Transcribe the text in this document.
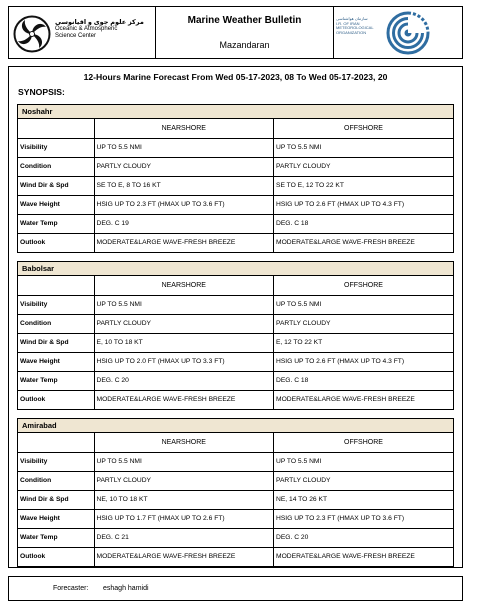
مرکز علوم جوی و اقیانوسی
Oceanic & Atmospheric
Science Center
Marine Weather Bulletin
Mazandaran
سازمان هواشناسی
I.R. OF IRAN
METEOROLOGICAL
ORGANIZATION
12-Hours Marine Forecast From Wed 05-17-2023, 08 To Wed 05-17-2023, 20
SYNOPSIS:
Noshahr
	NEARSHORE	OFFSHORE
Visibility	UP TO 5.5 NMI	UP TO 5.5 NMI
Condition	PARTLY CLOUDY	PARTLY CLOUDY
Wind Dir & Spd	SE TO E, 8 TO 16 KT	SE TO E, 12 TO 22 KT
Wave Height	HSIG UP TO 2.3 FT (HMAX UP TO 3.6 FT)	HSIG UP TO 2.6 FT (HMAX UP TO 4.3 FT)
Water Temp	DEG. C 19	DEG. C 18
Outlook	MODERATE&LARGE WAVE-FRESH BREEZE	MODERATE&LARGE WAVE-FRESH BREEZE
Babolsar
	NEARSHORE	OFFSHORE
Visibility	UP TO 5.5 NMI	UP TO 5.5 NMI
Condition	PARTLY CLOUDY	PARTLY CLOUDY
Wind Dir & Spd	E, 10 TO 18 KT	E, 12 TO 22 KT
Wave Height	HSIG UP TO 2.0 FT (HMAX UP TO 3.3 FT)	HSIG UP TO 2.6 FT (HMAX UP TO 4.3 FT)
Water Temp	DEG. C 20	DEG. C 18
Outlook	MODERATE&LARGE WAVE-FRESH BREEZE	MODERATE&LARGE WAVE-FRESH BREEZE
Amirabad
	NEARSHORE	OFFSHORE
Visibility	UP TO 5.5 NMI	UP TO 5.5 NMI
Condition	PARTLY CLOUDY	PARTLY CLOUDY
Wind Dir & Spd	NE, 10 TO 18 KT	NE, 14 TO 26 KT
Wave Height	HSIG UP TO 1.7 FT (HMAX UP TO 2.6 FT)	HSIG UP TO 2.3 FT (HMAX UP TO 3.6 FT)
Water Temp	DEG. C 21	DEG. C 20
Outlook	MODERATE&LARGE WAVE-FRESH BREEZE	MODERATE&LARGE WAVE-FRESH BREEZE
Forecaster: eshagh hamidi
